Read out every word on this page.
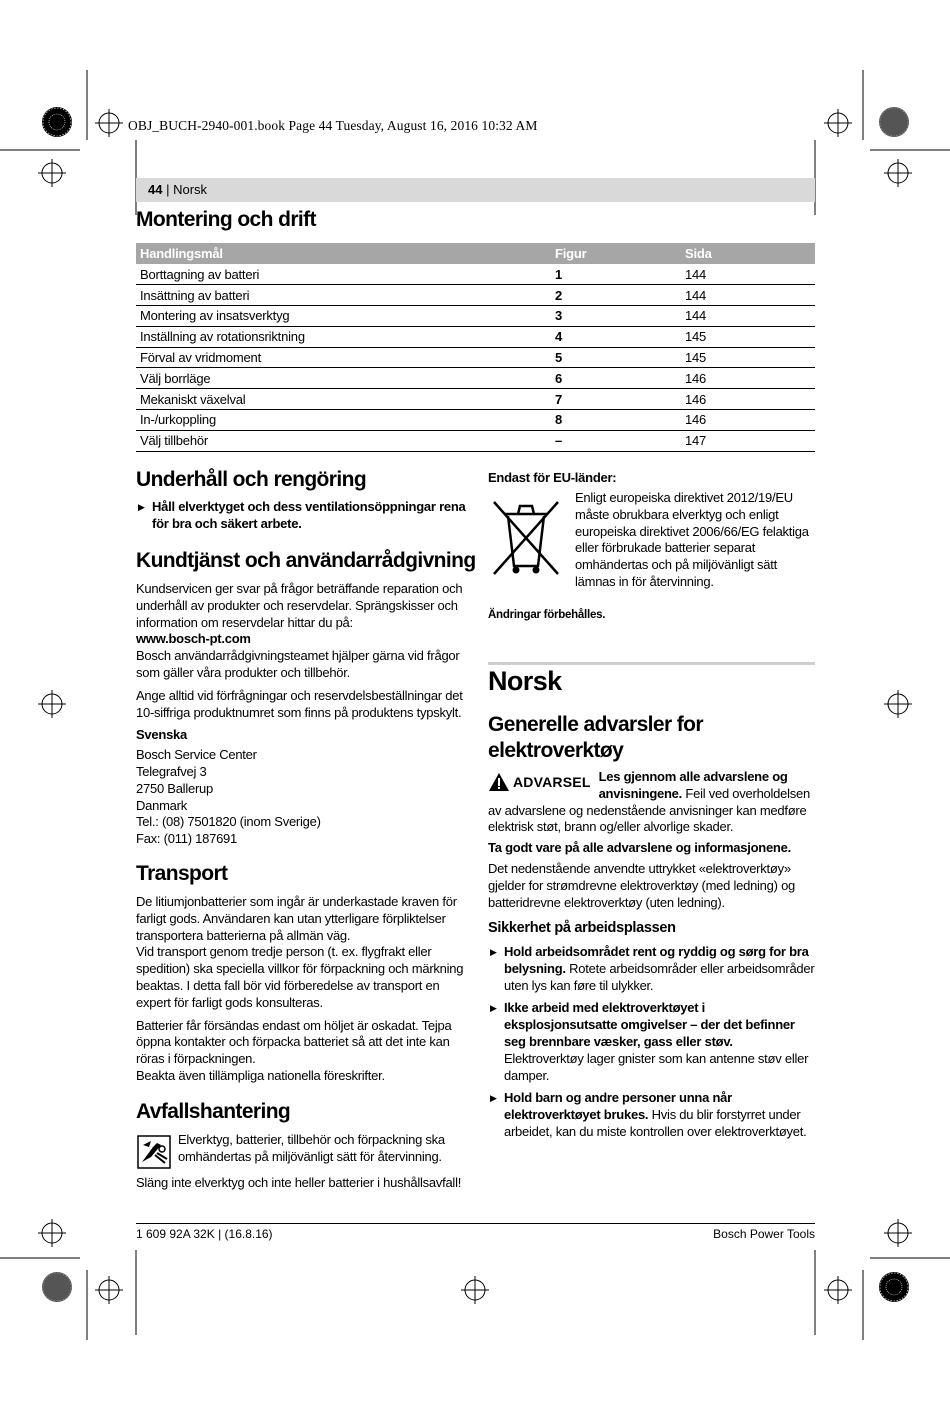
OBJ_BUCH-2940-001.book Page 44 Tuesday, August 16, 2016 10:32 AM
44 | Norsk
Montering och drift
Handlingsmål	Figur	Sida
Borttagning av batteri	1	144
Insättning av batteri	2	144
Montering av insatsverktyg	3	144
Inställning av rotationsriktning	4	145
Förval av vridmoment	5	145
Välj borrläge	6	146
Mekaniskt växelval	7	146
In-/urkoppling	8	146
Välj tillbehör	–	147
Underhåll och rengöring

▶ Håll elverktyget och dess ventilationsöppningar rena för bra och säkert arbete.

Kundtjänst och användarrådgivning

Kundservicen ger svar på frågor beträffande reparation och underhåll av produkter och reservdelar. Sprängskisser och information om reservdelar hittar du på:

www.bosch-pt.com

Bosch användarrådgivningsteamet hjälper gärna vid frågor som gäller våra produkter och tillbehör.

Ange alltid vid förfrågningar och reservdelsbeställningar det 10-siffriga produktnumret som finns på produktens typskylt.

Svenska

Bosch Service Center

Telegrafvej 3

2750 Ballerup

Danmark

Tel.: (08) 7501820 (inom Sverige)

Fax: (011) 187691

Transport

De litiumjonbatterier som ingår är underkastade kraven för farligt gods. Användaren kan utan ytterligare förpliktelser transportera batterierna på allmän väg.

Vid transport genom tredje person (t. ex. flygfrakt eller spedition) ska speciella villkor för förpackning och märkning beaktas. I detta fall bör vid förberedelse av transport en expert för farligt gods konsulteras.

Batterier får försändas endast om höljet är oskadat. Tejpa öppna kontakter och förpacka batteriet så att det inte kan röras i förpackningen.

Beakta även tillämpliga nationella föreskrifter.

Avfallshantering

Elverktyg, batterier, tillbehör och förpackning ska omhändertas på miljövänligt sätt för återvinning.

Släng inte elverktyg och inte heller batterier i hushållsavfall!

Endast för EU-länder:

Enligt europeiska direktivet 2012/19/EU måste obrukbara elverktyg och enligt europeiska direktivet 2006/66/EG felaktiga eller förbrukade batterier separat omhändertas och på miljövänligt sätt lämnas in för återvinning.

Ändringar förbehålles.

Norsk
Generelle advarsler for elektroverktøy
ADVARSEL Les gjennom alle advarslene og anvisningene. Feil ved overholdelsen av advarslene og nedenstående anvisninger kan medføre elektrisk støt, brann og/eller alvorlige skader.

Ta godt vare på alle advarslene og informasjonene.

Det nedenstående anvendte uttrykket «elektroverktøy» gjelder for strømdrevne elektroverktøy (med ledning) og batteridrevne elektroverktøy (uten ledning).

Sikkerhet på arbeidsplassen

▶ Hold arbeidsområdet rent og ryddig og sørg for bra belysning. Rotete arbeidsområder eller arbeidsområder uten lys kan føre til ulykker.

▶ Ikke arbeid med elektroverktøyet i eksplosjonsutsatte omgivelser – der det befinner seg brennbare væsker, gass eller støv. Elektroverktøy lager gnister som kan antenne støv eller damper.

▶ Hold barn og andre personer unna når elektroverktøyet brukes. Hvis du blir forstyrret under arbeidet, kan du miste kontrollen over elektroverktøyet.

1 609 92A 32K | (16.8.16)	Bosch Power Tools
